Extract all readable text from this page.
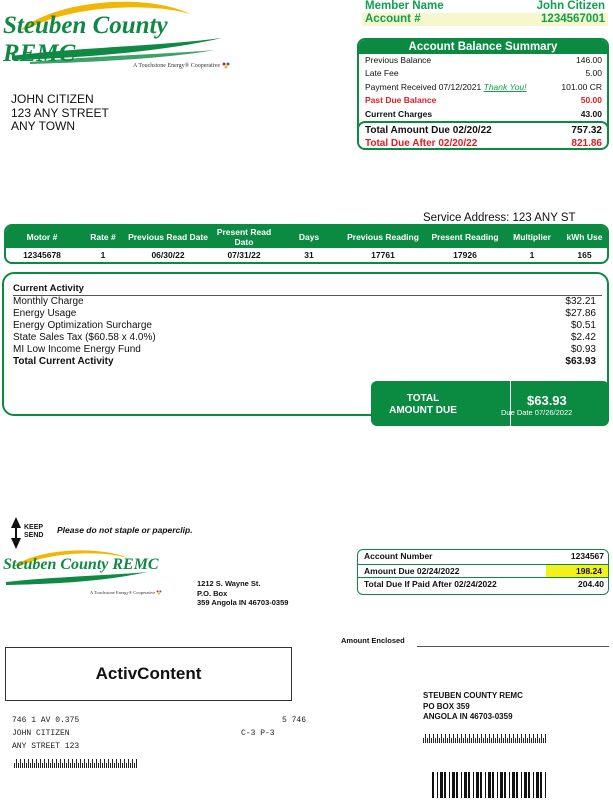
Steuben County REMC	A Touchstone Energy® Cooperative
Member Name	John Citizen
Account #	1234567001
JOHN CITIZEN
123 ANY STREET
ANY TOWN
Account Balance Summary
Previous Balance	146.00
Late Fee	5.00
Payment Received 07/12/2021 Thank You!	101.00 CR
Past Due Balance	50.00
Current Charges	43.00
Total Amount Due 02/20/22	757.32
Total Due After 02/20/22	821.86
Service Address: 123 ANY ST
Motor #	Rate #	Previous Read Date	Present Read Dato	Days	Previous Reading	Present Reading	Multiplier	kWh Use
12345678	1	06/30/22	07/31/22	31	17761	17926	1	165
Current Activity
Monthly Charge	$32.21
Energy Usage	$27.86
Energy Optimization Surcharge	$0.51
State Sales Tax ($60.58 x 4.0%)	$2.42
MI Low Income Energy Fund	$0.93
Total Current Activity	$63.93
TOTAL
AMOUNT DUE
$63.93
Due Date 07/26/2022
KEEP
SEND
Please do not staple or paperclip.
Steuben County REMC
A Touchstone Energy® Cooperative
1212 S. Wayne St.
P.O. Box
359 Angola IN 46703-0359
Account Number	1234567
Amount Due 02/24/2022	198.24
Total Due If Paid After 02/24/2022	204.40
Amount Enclosed
ActivContent
746 1 AV 0.375	5 746
JOHN CITIZEN	C-3 P-3
ANY STREET 123
STEUBEN COUNTY REMC
PO BOX 359
ANGOLA IN 46703-0359
